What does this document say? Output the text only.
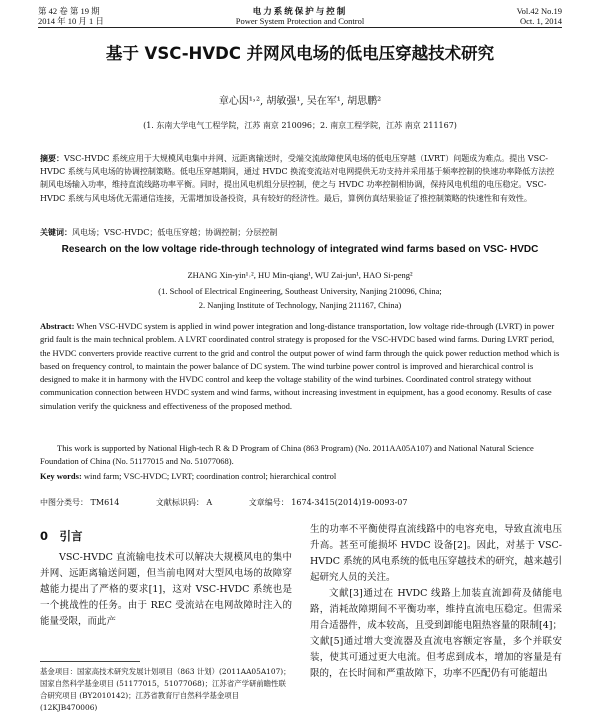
第 42 卷 第 19 期
2014 年 10 月 1 日
电力系统保护与控制
Power System Protection and Control
Vol.42 No.19
Oct. 1, 2014
基于 VSC-HVDC 并网风电场的低电压穿越技术研究
章心因¹˒², 胡敏强¹, 吴在军¹, 胡思鹏²
(1. 东南大学电气工程学院，江苏 南京 210096；2. 南京工程学院，江苏 南京 211167)
摘要：VSC-HVDC 系统应用于大规模风电集中并网、远距离输送时，受端交流故障使风电场的低电压穿越（LVRT）问题成为难点。提出 VSC-HVDC 系统与风电场的协调控制策略。低电压穿越期间，通过 HVDC 换流变流站对电网提供无功支持并采用基于频率控制的快速功率降低方法控制风电场输入功率，维持直流线路功率平衡。同时，提出风电机组分层控制，使之与 HVDC 功率控制相协调，保持风电机组的电压稳定。VSC-HVDC 系统与风电场优无需通信连接，无需增加设备投资，具有较好的经济性。最后，算例仿真结果验证了推控制策略的快速性和有效性。
关键词：风电场；VSC-HVDC；低电压穿越；协调控制；分层控制
Research on the low voltage ride-through technology of integrated wind farms based on VSC- HVDC
ZHANG Xin-yin¹˒², HU Min-qiang¹, WU Zai-jun¹, HAO Si-peng²
(1. School of Electrical Engineering, Southeast University, Nanjing 210096, China;
2. Nanjing Institute of Technology, Nanjing 211167, China)
Abstract: When VSC-HVDC system is applied in wind power integration and long-distance transportation, low voltage ride-through (LVRT) in power grid fault is the main technical problem. A LVRT coordinated control strategy is proposed for the VSC-HVDC based wind farms. During LVRT period, the HVDC converters provide reactive current to the grid and control the output power of wind farm through the quick power reduction method which is based on frequency control, to maintain the power balance of DC system. The wind turbine power control is improved and hierarchical control is designed to make it in harmony with the HVDC control and keep the voltage stability of the wind turbines. Coordinated control strategy without communication connection between HVDC system and wind farms, without increasing investment in equipment, has a good economy. Results of case simulation verify the quickness and effectiveness of the proposed method.
This work is supported by National High-tech R & D Program of China (863 Program) (No. 2011AA05A107) and National Natural Science Foundation of China (No. 51177015 and No. 51077068).
Key words: wind farm; VSC-HVDC; LVRT; coordination control; hierarchical control
中图分类号： TM614	文献标识码： A	文章编号： 1674-3415(2014)19-0093-07
0　引言

VSC-HVDC 直流输电技术可以解决大规模风电的集中并网、远距离输送问题，但当前电网对大型风电场的故障穿越能力提出了严格的要求[1]，这对 VSC-HVDC 系统也是一个挑战性的任务。由于 REC 受流站在电网故障时注入的能量受限，而此产

生的功率不平衡使得直流线路中的电容充电，导致直流电压升高。甚至可能损坏 HVDC 设备[2]。因此，对基于 VSC-HVDC 系统的风电系统的低电压穿越技术的研究，越来越引起研究人员的关注。

文献[3]通过在 HVDC 线路上加装直流卸荷及储能电路，消耗故障期间不平衡功率，维持直流电压稳定。但需采用合适器件，成本较高，且受到卸能电阻热容量的限制[4]；文献[5]通过增大变流器及直流电容额定容量，多个并联安装，使其可通过更大电流。但考虑到成本，增加的容量是有限的，在长时间和严重故障下，功率不匹配仍有可能超出

基金项目：国家高技术研究发展计划项目（863 计划）(2011AA05A107)；国家自然科学基金项目 (51177015，51077068)；江苏省产学研前瞻性联合研究项目 (BY2010142)；江苏省教育厅自然科学基金项目 (12KJB470006)
